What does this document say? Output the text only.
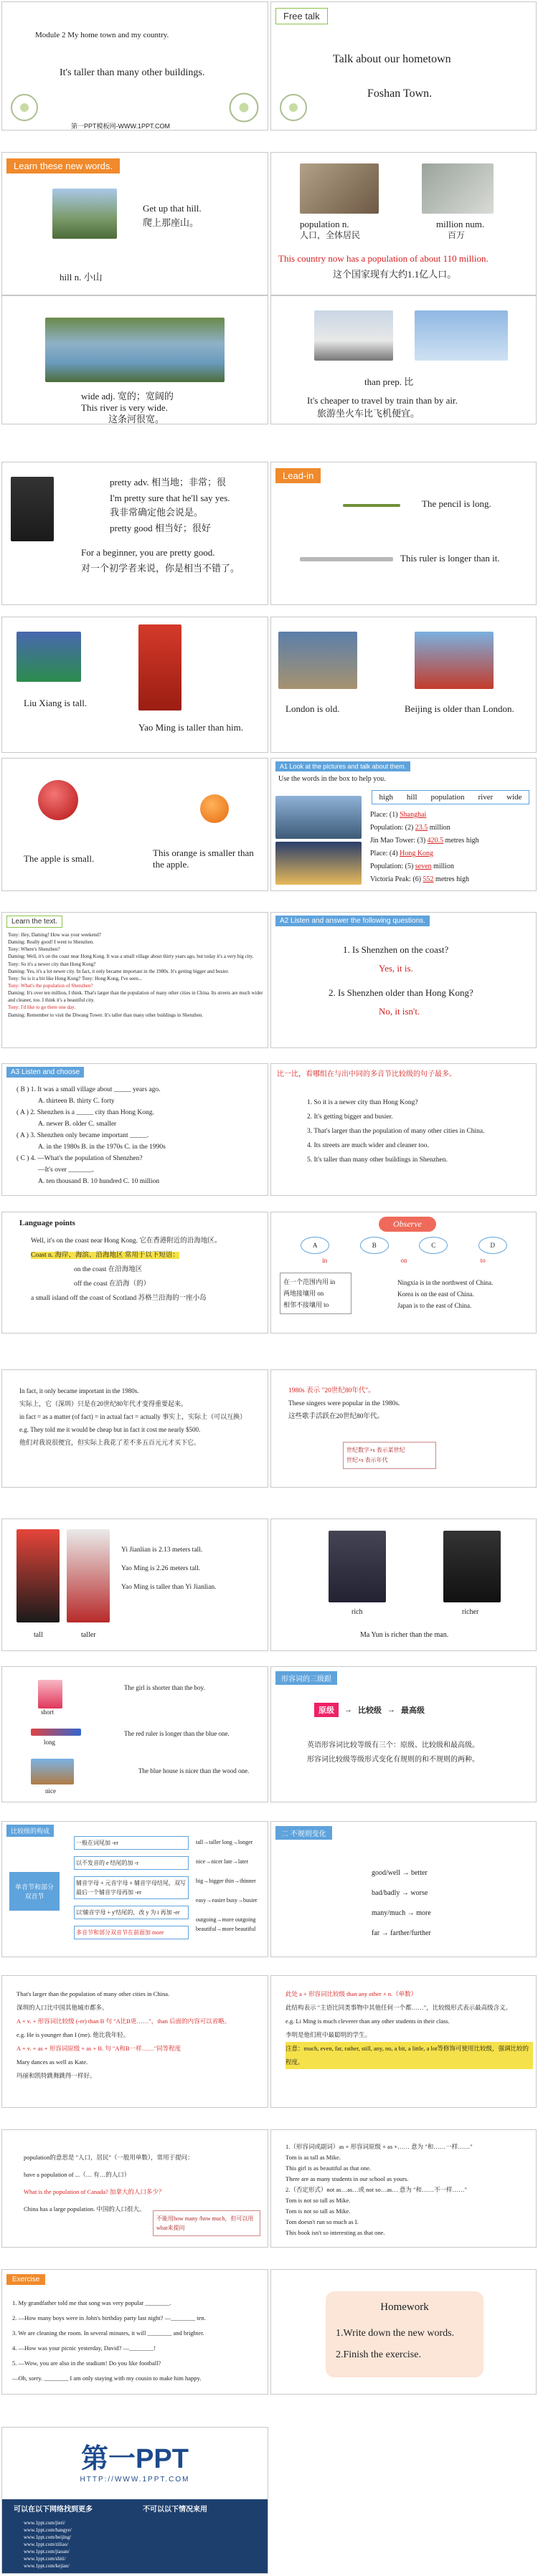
Module 2 My home town and my country.
It's taller than many other buildings.
第一PPT模板网-WWW.1PPT.COM
Free talk
Talk about our hometown
Foshan Town.
Learn these new words.
Get up that hill.
爬上那座山。
hill n. 小山
population n.
人口，全体居民
million num.
百万
This country now has a population of about 110 million.
这个国家现有大约1.1亿人口。
wide adj. 宽的；宽阔的
This river is very wide.
这条河很宽。
than prep. 比
It's cheaper to travel by train than by air.
旅游坐火车比飞机便宜。
pretty adv. 相当地；非常；很
I'm pretty sure that he'll say yes.
我非常确定他会说是。
pretty good 相当好；很好
For a beginner, you are pretty good.
对一个初学者来说，你是相当不错了。
Lead-in
The pencil is long.
This ruler is longer than it.
Liu Xiang is tall.
Yao Ming is taller than him.
London is old.	Beijing is older than London.
The apple is small.
This orange is smaller than the apple.
A1 Look at the pictures and talk about them.
Use the words in the box to help you.
high hill population river wide
Place: (1) Shanghai
Population: (2) 23.5 million
Jin Mao Tower: (3) 420.5 metres high
Place: (4) Hong Kong
Population: (5) seven million
Victoria Peak: (6) 552 metres high
Learn the text.
Tony: Hey, Daming! How was your weekend?
Daming: Really good! I went to Shenzhen.
Tony: Where's Shenzhen?
Daming: Well, it's on the coast near Hong Kong. It was a small village about thirty years ago, but today it's a very big city.
Tony: So it's a newer city than Hong Kong?
Daming: Yes, it's a lot newer city. In fact, it only became important in the 1980s. It's getting bigger and busier.
Tony: So is it a bit like Hong Kong? Tony: Hong Kong, I've seen...
Tony: What's the population of Shenzhen?
Daming: It's over ten million, I think. That's larger than the population of many other cities in China. Its streets are much wider and cleaner, too. I think it's a beautiful city.
Tony: I'd like to go there one day.
Daming: Remember to visit the Diwang Tower. It's taller than many other buildings in Shenzhen.
A2 Listen and answer the following questions.
1. Is Shenzhen on the coast?
Yes, it is.
2. Is Shenzhen older than Hong Kong?
No, it isn't.
A3 Listen and choose
( B ) 1. It was a small village about _____ years ago.
A. thirteen B. thirty C. forty
( A ) 2. Shenzhen is a _____ city than Hong Kong.
A. newer B. older C. smaller
( A ) 3. Shenzhen only became important _____.
A. in the 1980s B. in the 1970s C. in the 1990s
( C ) 4. —What's the population of Shenzhen?
—It's over _______.
A. ten thousand B. 10 hundred C. 10 million
比一比，看哪组在与出中同的多音节比较级的句子最多。
1. So it is a newer city than Hong Kong?
2. It's getting bigger and busier.
3. That's larger than the population of many other cities in China.
4. Its streets are much wider and cleaner too.
5. It's taller than many other buildings in Shenzhen.
Language points
Well, it's on the coast near Hong Kong. 它在香港附近的沿海地区。
Coast n. 海岸、海滨、沿海地区 常用于以下短语：
on the coast 在沿海地区
off the coast 在沿海（的）
a small island off the coast of Scotland 苏格兰沿海的一座小岛
Observe
A	B	C	D
in	on	to
在一个范围内用 in
两地接壤用 on
相邻不接壤用 to
Ningxia is in the northwest of China.
Korea is on the east of China.
Japan is to the east of China.
In fact, it only became important in the 1980s.
实际上，它（深圳）只是在20世纪80年代才变得重要起来。
in fact = as a matter (of fact) = in actual fact = actually 事实上，实际上（可以互换）
e.g. They told me it would be cheap but in fact it cost me nearly $500.
他们对我说很便宜，但实际上我花了差不多五百元元才买下它。
1980s 表示 "20世纪80年代"。
These singers were popular in the 1980s.
这些歌手活跃在20世纪80年代。
世纪数字+s 表示某世纪
世纪+s 表示年代
tall	taller
Yi Jianlian is 2.13 meters tall.
Yao Ming is 2.26 meters tall.
Yao Ming is taller than Yi Jianlian.
rich	richer
Ma Yun is richer than the man.
short
long
nice
The girl is shorter than the boy.
The red ruler is longer than the blue one.
The blue house is nicer than the wood one.
形容词的三级跟
原级	→ 比较级 → 最高级
英语形容词比较等级有三个：原级、比较级和最高级。
形容词比较级等级形式变化有规则的和不规则的两种。
比较级的构成
单音节和部分双音节
一般在词尾加 -er
以不发音的 e 结尾的加 -r
辅音字母 + 元音字母 + 辅音字母结尾，双写最后一个辅音字母再加 -er
以'辅音字母 + y'结尾的，改 y 为 i 再加 -er
多音节和部分双音节在前面加 more
tall→taller long→longer
nice→nicer late→later
big→bigger thin→thinner
easy→easier busy→busier
outgoing→more outgoing beautiful→more beautiful
二 不规则变化
good/well → better
bad/badly → worse
many/much → more
far → farther/further
That's larger than the population of many other cities in China.
深圳的人口比中国其他城市都多。
A + v. + 形容词比较级 (-er) than B 句 "A比B更……"，than 后面的内容可以省略。
e.g. He is younger than I (me). 他比我年轻。
A + v. + as + 形容词原级 + as + B. 句 "A和B一样……"同等程度
Mary dances as well as Kate.
玛丽和凯特跳舞跳得一样好。
此处 a + 形容词比较级 than any other + n.（单数）
此结构表示 "主语比同类事物中其他任何一个都……"，比较级形式表示最高级含义。
e.g. Li Ming is much cleverer than any other students in their class.
李明是他们班中最聪明的学生。
注意：much, even, far, rather, still, any, no, a bit, a little, a lot等修饰可使用比较级，强调比较的程度。
population的意思是 "人口，居民"（一般用单数），常用于提问：
have a population of ...（… 有…的人口）
What is the population of Canada? 加拿大的人口多少？
China has a large population. 中国的人口很大。
不能用how many /how much，但可以用what来提问
1.（形容词或副词）as + 形容词原级 + as +…… 意为 "和……一样……"
Tom is as tall as Mike.
This girl is as beautiful as that one.
There are as many students in our school as yours.
2.（否定形式）not as…as…或 not so…as… 意为 "和……不一样……"
Tom is not so tall as Mike.
Tom is not so tall as Mike.
Tom doesn't run so much as I.
This book isn't so interesting as that one.
Exercise
1. My grandfather told me that song was very popular ________.
2. —How many boys were in John's birthday party last night? —________ ten.
3. We are cleaning the room. In several minutes, it will ________ and brighter.
4. —How was your picnic yesterday, David? —________!
5. —Wow, you are also in the stadium! Do you like football?
—Oh, sorry. ________ I am only staying with my cousin to make him happy.
Homework
1.Write down the new words.
2.Finish the exercise.
第一PPT
HTTP://WWW.1PPT.COM
可以在以下网络找到更多	不可以以下情况来用
www.1ppt.com/jieri/
www.1ppt.com/hangye/
www.1ppt.com/beijing/
www.1ppt.com/ziliao/
www.1ppt.com/jiaoan/
www.1ppt.com/shiti/
www.1ppt.com/kejian/
